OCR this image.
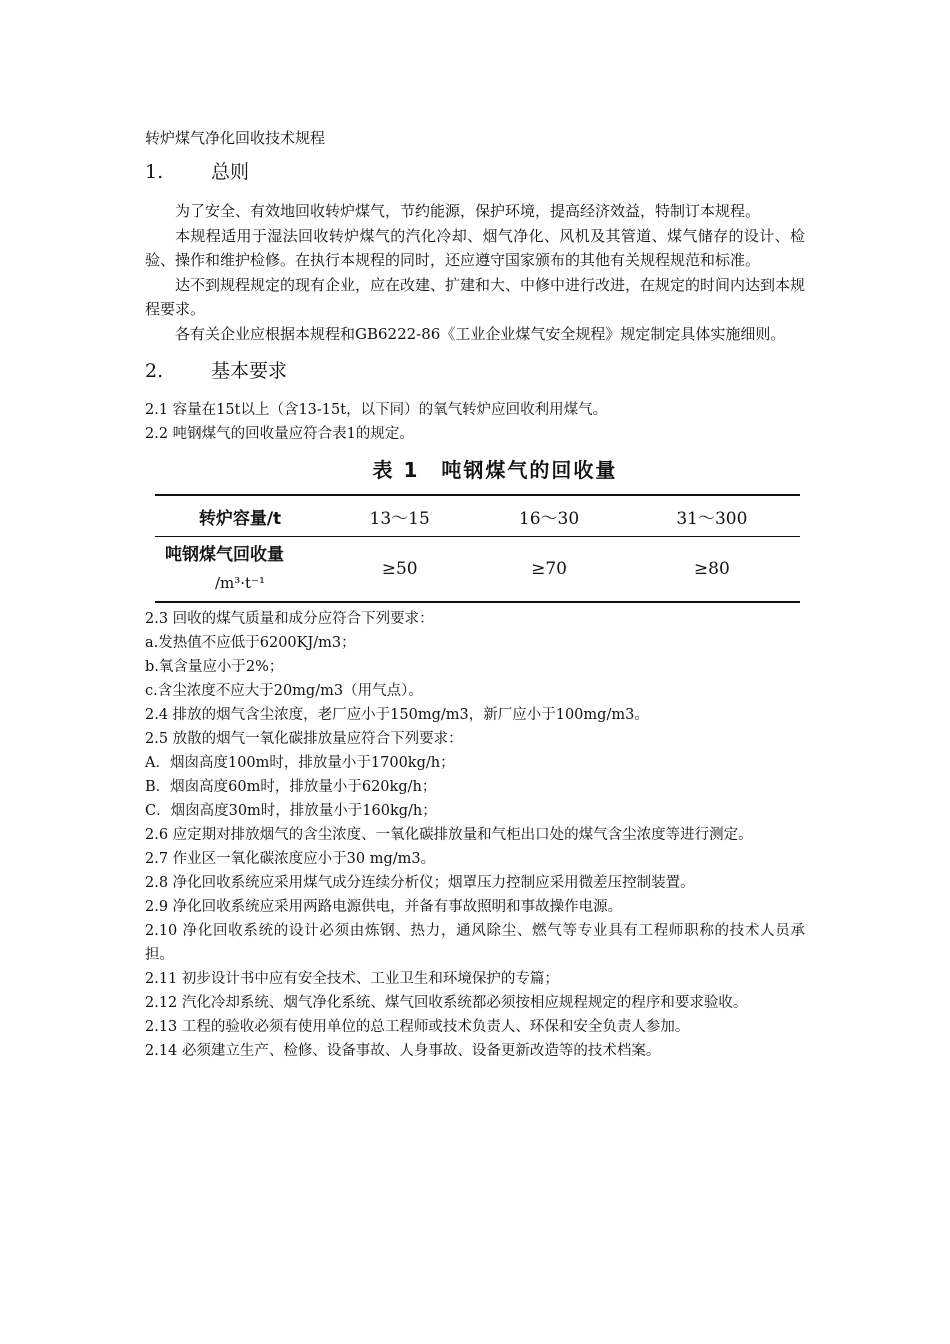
转炉煤气净化回收技术规程
1.	总则

为了安全、有效地回收转炉煤气，节约能源，保护环境，提高经济效益，特制订本规程。

本规程适用于湿法回收转炉煤气的汽化冷却、烟气净化、风机及其管道、煤气储存的设计、检验、操作和维护检修。在执行本规程的同时，还应遵守国家颁布的其他有关规程规范和标准。

达不到规程规定的现有企业，应在改建、扩建和大、中修中进行改进，在规定的时间内达到本规程要求。

各有关企业应根据本规程和GB6222-86《工业企业煤气安全规程》规定制定具体实施细则。

2.	基本要求

2.1 容量在15t以上（含13-15t，以下同）的氧气转炉应回收利用煤气。

2.2 吨钢煤气的回收量应符合表1的规定。

表 1　吨钢煤气的回收量
转炉容量/t	13～15	16～30	31～300

吨钢煤气回收量
/m³·t⁻¹	≥50	≥70	≥80

2.3 回收的煤气质量和成分应符合下列要求：

a.发热值不应低于6200KJ/m3；

b.氧含量应小于2%；

c.含尘浓度不应大于20mg/m3（用气点）。

2.4 排放的烟气含尘浓度，老厂应小于150mg/m3，新厂应小于100mg/m3。

2.5 放散的烟气一氧化碳排放量应符合下列要求：

A．烟囱高度100m时，排放量小于1700kg/h；

B．烟囱高度60m时，排放量小于620kg/h；

C．烟囱高度30m时，排放量小于160kg/h；

2.6 应定期对排放烟气的含尘浓度、一氧化碳排放量和气柜出口处的煤气含尘浓度等进行测定。

2.7 作业区一氧化碳浓度应小于30 mg/m3。

2.8 净化回收系统应采用煤气成分连续分析仪；烟罩压力控制应采用微差压控制装置。

2.9 净化回收系统应采用两路电源供电，并备有事故照明和事故操作电源。

2.10 净化回收系统的设计必须由炼钢、热力，通风除尘、燃气等专业具有工程师职称的技术人员承担。

2.11 初步设计书中应有安全技术、工业卫生和环境保护的专篇；

2.12 汽化冷却系统、烟气净化系统、煤气回收系统都必须按相应规程规定的程序和要求验收。

2.13 工程的验收必须有使用单位的总工程师或技术负责人、环保和安全负责人参加。

2.14 必须建立生产、检修、设备事故、人身事故、设备更新改造等的技术档案。
